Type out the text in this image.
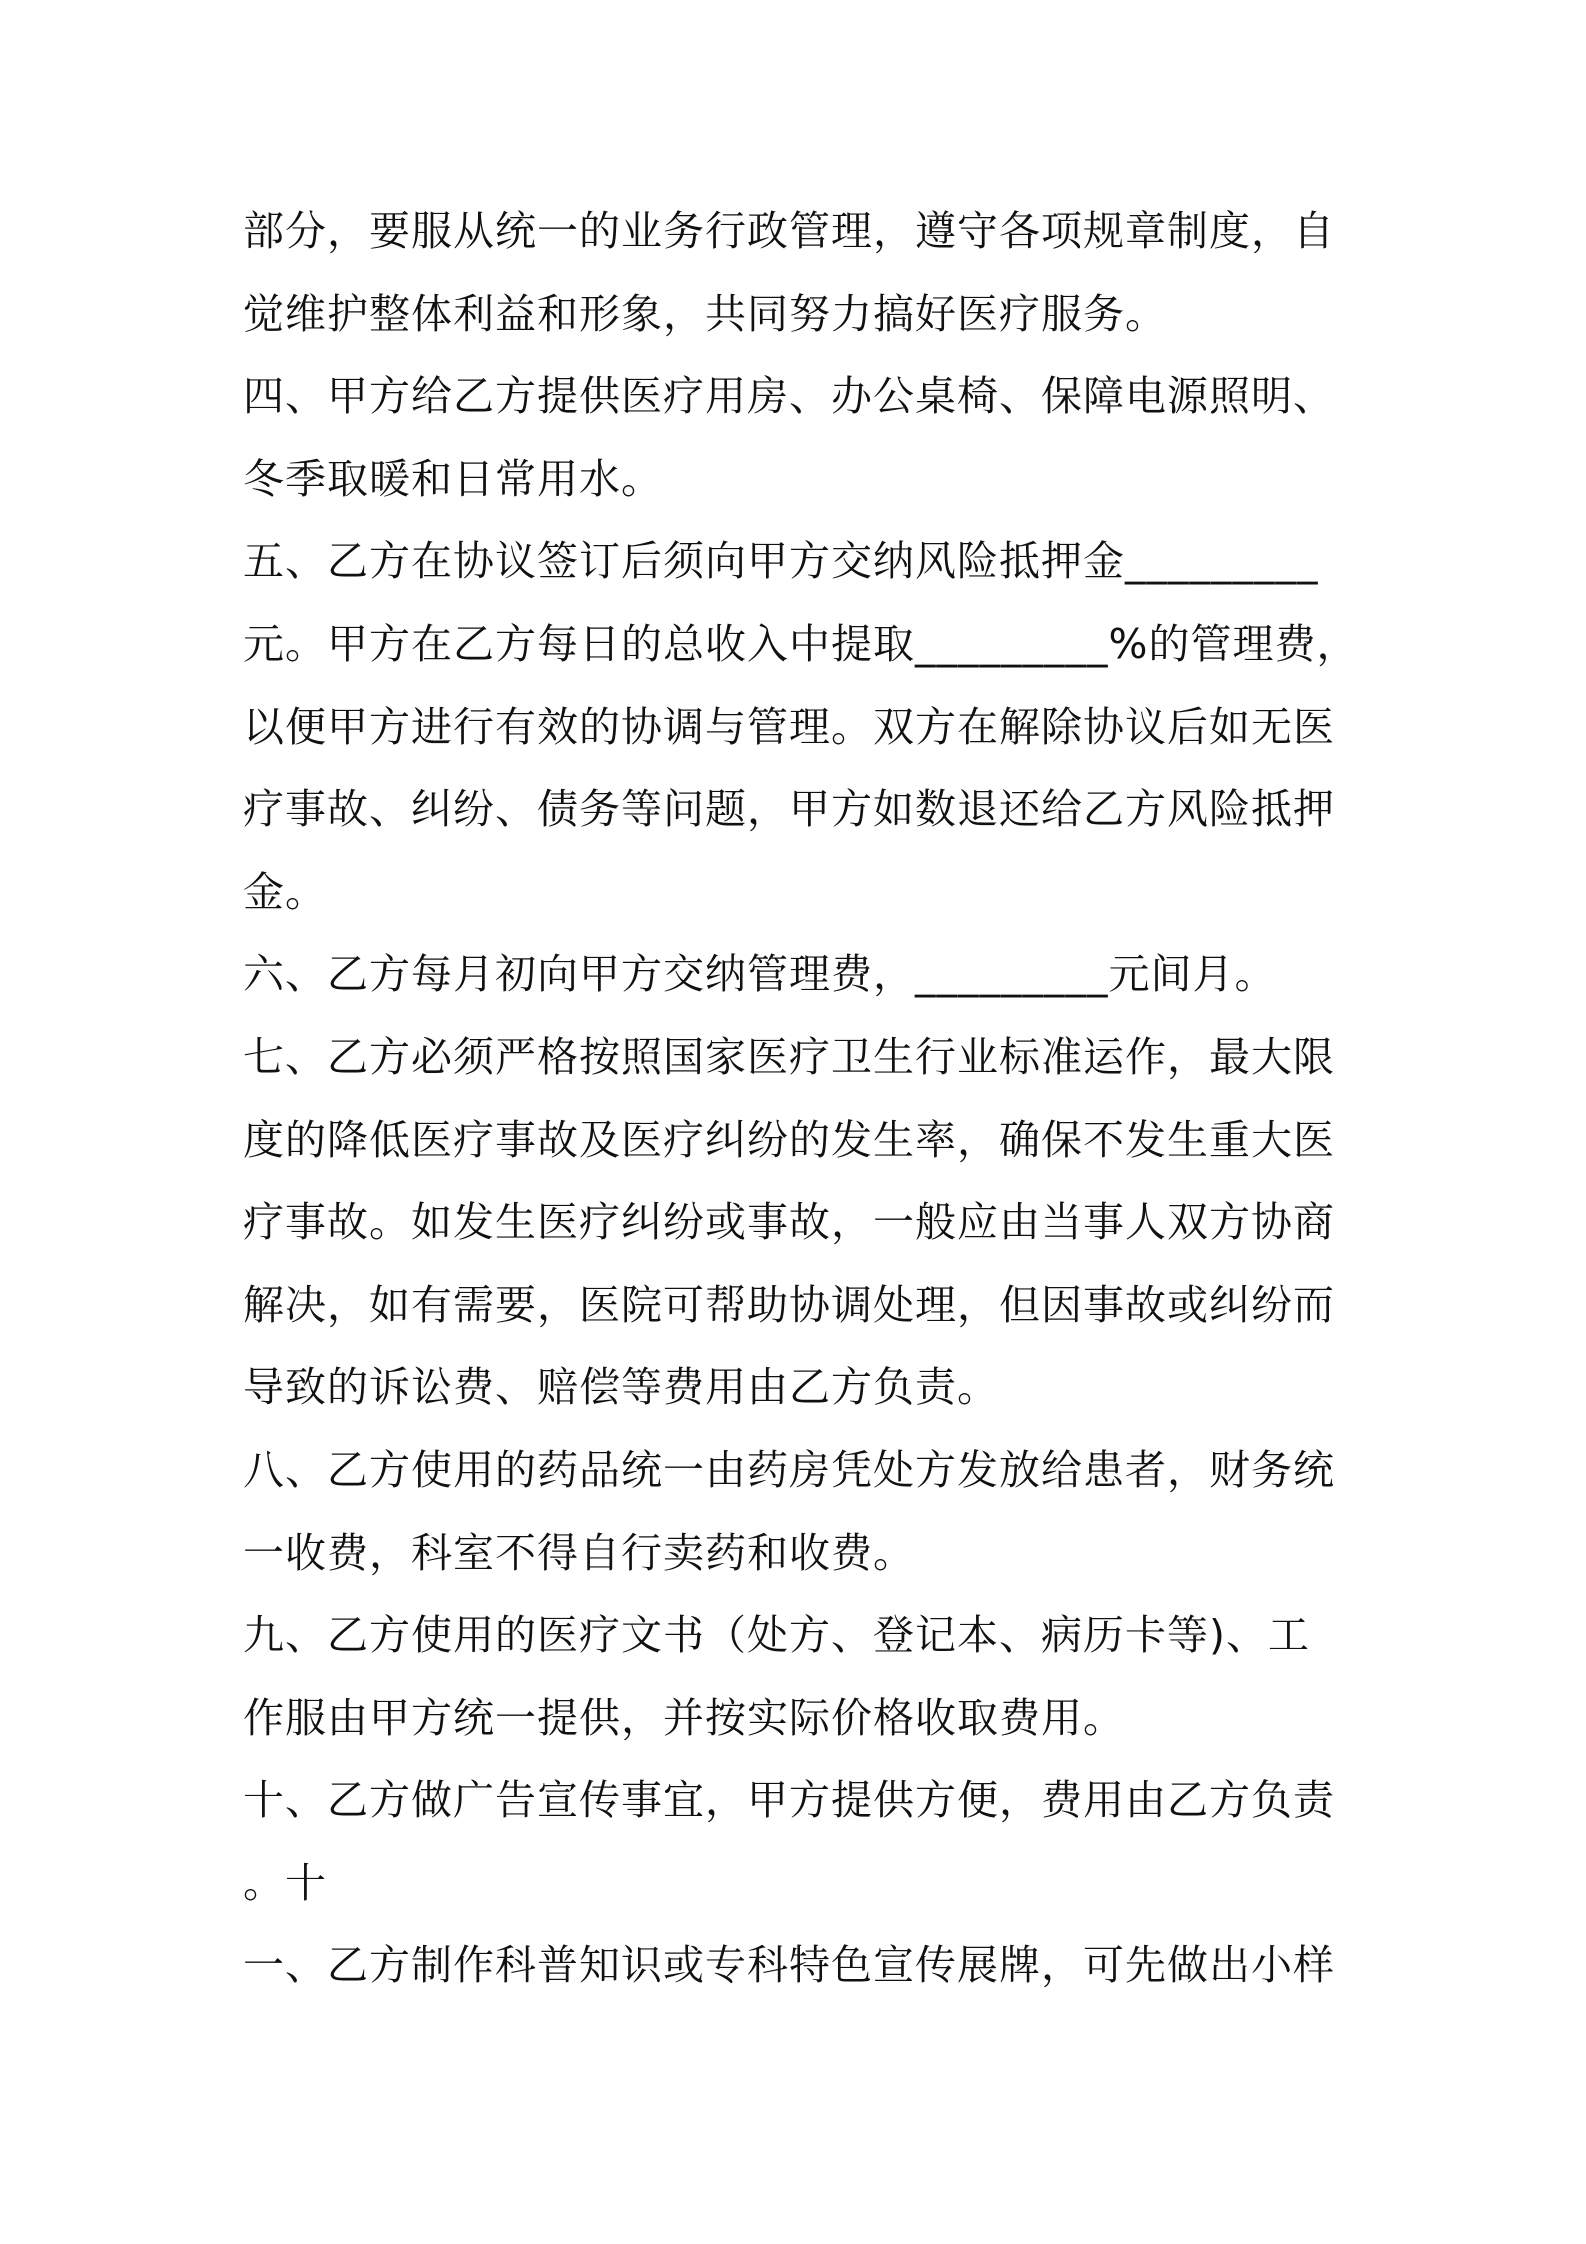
部分，要服从统一的业务行政管理，遵守各项规章制度，自
觉维护整体利益和形象，共同努力搞好医疗服务。
四、甲方给乙方提供医疗用房、办公桌椅、保障电源照明、
冬季取暖和日常用水。
五、乙方在协议签订后须向甲方交纳风险抵押金_________
元。甲方在乙方每日的总收入中提取_________%的管理费，
以便甲方进行有效的协调与管理。双方在解除协议后如无医
疗事故、纠纷、债务等问题，甲方如数退还给乙方风险抵押
金。
六、乙方每月初向甲方交纳管理费，_________元间月。
七、乙方必须严格按照国家医疗卫生行业标准运作，最大限
度的降低医疗事故及医疗纠纷的发生率，确保不发生重大医
疗事故。如发生医疗纠纷或事故，一般应由当事人双方协商
解决，如有需要，医院可帮助协调处理，但因事故或纠纷而
导致的诉讼费、赔偿等费用由乙方负责。
八、乙方使用的药品统一由药房凭处方发放给患者，财务统
一收费，科室不得自行卖药和收费。
九、乙方使用的医疗文书（处方、登记本、病历卡等)、工
作服由甲方统一提供，并按实际价格收取费用。
十、乙方做广告宣传事宜，甲方提供方便，费用由乙方负责
。十
一、乙方制作科普知识或专科特色宣传展牌，可先做出小样
